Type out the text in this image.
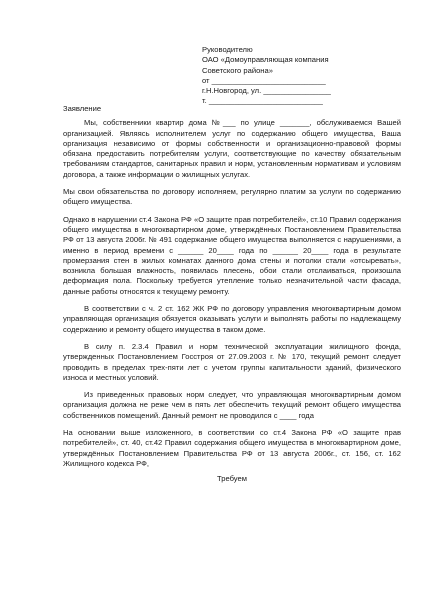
Руководителю
ОАО «Домоуправляющая компания
Советского района»
от ___________________________
г.Н.Новгород, ул. ________________
т. ___________________________
Заявление
Мы, собственники квартир дома №___ по улице _______, обслуживаемся Вашей организацией. Являясь исполнителем услуг по содержанию общего имущества, Ваша организация независимо от формы собственности и организационно-правовой формы обязана предоставить потребителям услуги, соответствующие по качеству обязательным требованиям стандартов, санитарных правил и норм, установленным нормативам и условиям договора, а также информации о жилищных услугах.
Мы свои обязательства по договору исполняем, регулярно платим за услуги по содержанию общего имущества.
Однако в нарушении ст.4 Закона РФ «О защите прав потребителей», ст.10 Правил содержания общего имущества в многоквартирном доме, утверждённых Постановлением Правительства РФ от 13 августа 2006г. № 491 содержание общего имущества выполняется с нарушениями, а именно в период времени с ______ 20____ года по ______ 20____ года в результате промерзания стен в жилых комнатах данного дома стены и потолки стали «отсыревать», возникла большая влажность, появилась плесень, обои стали отслаиваться, произошла деформация пола. Поскольку требуется утепление только незначительной части фасада, данные работы относятся к текущему ремонту.
В соответствии с ч. 2 ст. 162 ЖК РФ по договору управления многоквартирным домом управляющая организация обязуется оказывать услуги и выполнять работы по надлежащему содержанию и ремонту общего имущества в таком доме.
В силу п. 2.3.4 Правил и норм технической эксплуатации жилищного фонда, утвержденных Постановлением Госстроя от 27.09.2003 г. № 170, текущий ремонт следует проводить в пределах трех-пяти лет с учетом группы капитальности зданий, физического износа и местных условий.
Из приведенных правовых норм следует, что управляющая многоквартирным домом организация должна не реже чем в пять лет обеспечить текущий ремонт общего имущества собственников помещений. Данный ремонт не проводился с ____ года
На основании выше изложенного, в соответствии со ст.4 Закона РФ «О защите прав потребителей», ст. 40, ст.42 Правил содержания общего имущества в многоквартирном доме, утверждённых Постановлением Правительства РФ от 13 августа 2006г., ст. 156, ст. 162 Жилищного кодекса РФ,
Требуем
